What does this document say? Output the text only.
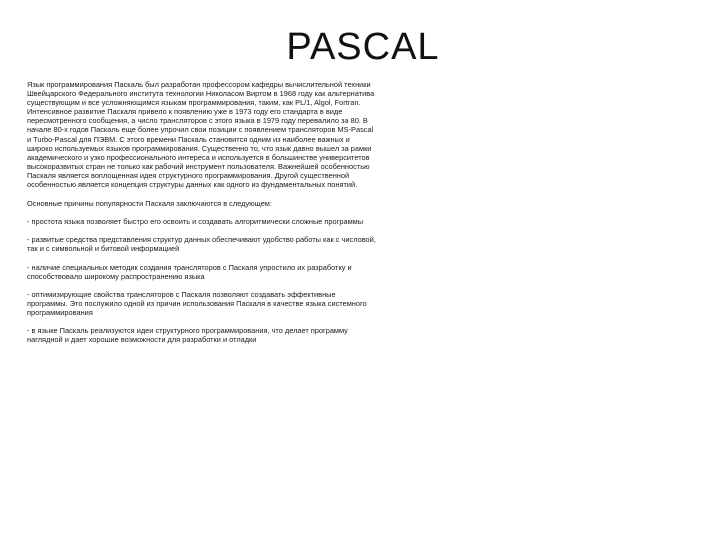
PASCAL

Язык программирования Паскаль был разработан профессором кафедры вычислительной техники Швейцарского Федерального института технологии Николасом Виртом в 1968 году как альтернатива существующим и все усложняющимся языкам программирования, таким, как PL/1, Algol, Fortran. Интенсивное развитие Паскаля привело к появлению уже в 1973 году его стандарта в виде пересмотренного сообщения, а число трансляторов с этого языка в 1979 году перевалило за 80. В начале 80-х годов Паскаль еще более упрочил свои позиции с появлением трансляторов MS-Pascal и Turbo-Pascal для ПЭВМ. С этого времени Паскаль становится одним из наиболее важных и широко используемых языков программирования. Существенно то, что язык давно вышел за рамки академического и узко профессионального интереса и используется в большинстве университетов высокоразвитых стран не только как рабочий инструмент пользователя. Важнейшей особенностью Паскаля является воплощенная идея структурного программирования. Другой существенной особенностью является концепция структуры данных как одного из фундаментальных понятий.

Основные причины популярности Паскаля заключаются в следующем:

- простота языка позволяет быстро его освоить и создавать алгоритмически сложные программы

- развитые средства представления структур данных обеспечивают удобство работы как с числовой, так и с символьной и битовой информацией

- наличие специальных методик создания трансляторов с Паскаля упростило их разработку и способствовало широкому распространению языка

- оптимизирующие свойства трансляторов с Паскаля позволяют создавать эффективные программы. Это послужило одной из причин использования Паскаля в качестве языка системного программирования

- в языке Паскаль реализуются идеи структурного программирования, что делает программу наглядной и дает хорошие возможности для разработки и отладки
